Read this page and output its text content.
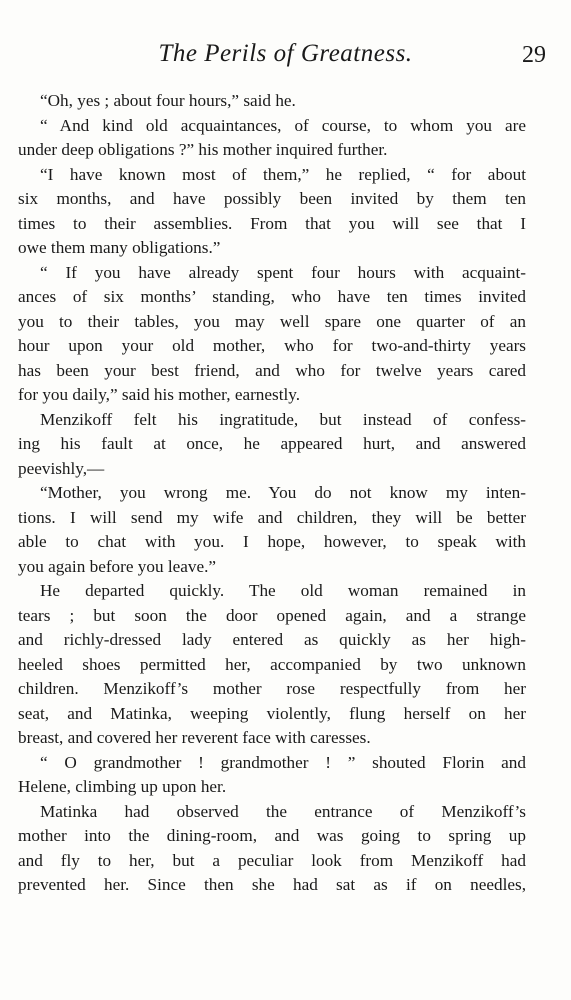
The Perils of Greatness.	29
“Oh, yes ; about four hours,” said he.
“ And kind old acquaintances, of course, to whom you are
under deep obligations ?” his mother inquired further.
“I have known most of them,” he replied, “ for about
six months, and have possibly been invited by them ten
times to their assemblies. From that you will see that I
owe them many obligations.”
“ If you have already spent four hours with acquaint-
ances of six months’ standing, who have ten times invited
you to their tables, you may well spare one quarter of an
hour upon your old mother, who for two-and-thirty years
has been your best friend, and who for twelve years cared
for you daily,” said his mother, earnestly.
Menzikoff felt his ingratitude, but instead of confess-
ing his fault at once, he appeared hurt, and answered
peevishly,—
“Mother, you wrong me. You do not know my inten-
tions. I will send my wife and children, they will be better
able to chat with you. I hope, however, to speak with
you again before you leave.”
He departed quickly. The old woman remained in
tears ; but soon the door opened again, and a strange
and richly-dressed lady entered as quickly as her high-
heeled shoes permitted her, accompanied by two unknown
children. Menzikoff’s mother rose respectfully from her
seat, and Matinka, weeping violently, flung herself on her
breast, and covered her reverent face with caresses.
“ O grandmother ! grandmother ! ” shouted Florin and
Helene, climbing up upon her.
Matinka had observed the entrance of Menzikoff’s
mother into the dining-room, and was going to spring up
and fly to her, but a peculiar look from Menzikoff had
prevented her. Since then she had sat as if on needles,
